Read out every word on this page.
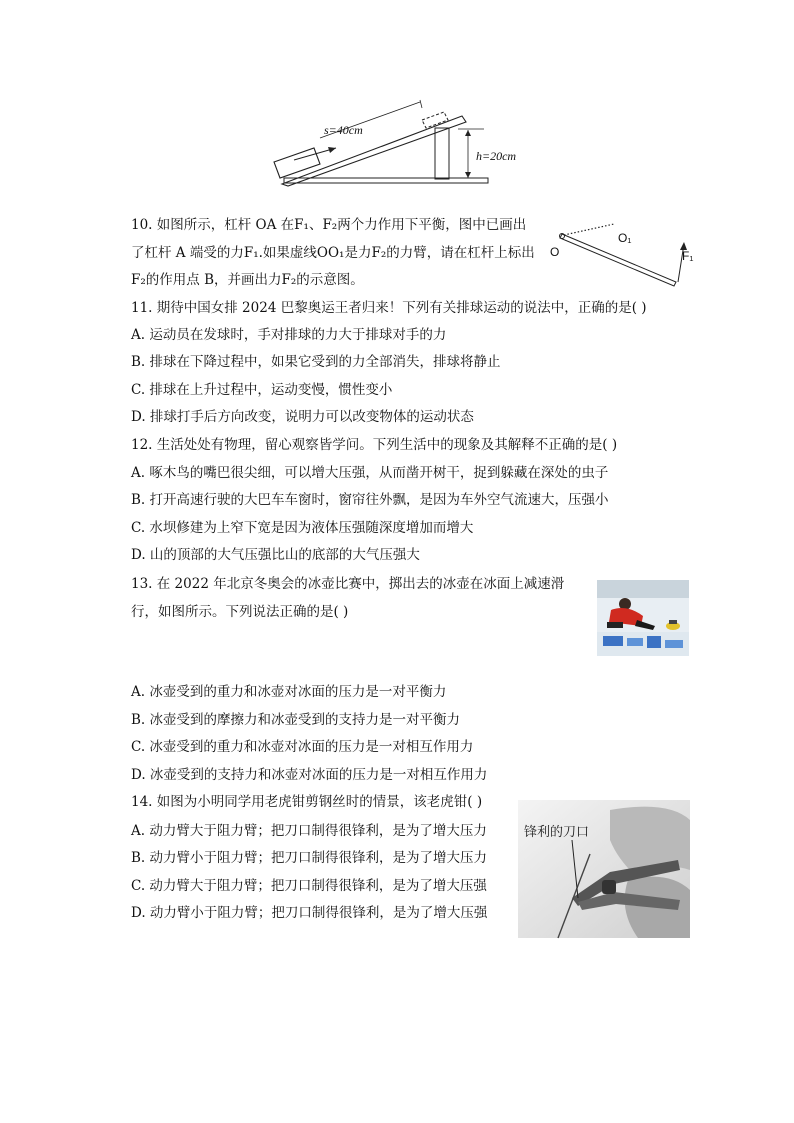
s=40cm
h=20cm
10. 如图所示，杠杆 OA 在F₁、F₂两个力作用下平衡，图中已画出
了杠杆 A 端受的力F₁.如果虚线OO₁是力F₂的力臂，请在杠杆上标出
F₂的作用点 B，并画出力F₂的示意图。
O
O₁
F₁
11. 期待中国女排 2024 巴黎奥运王者归来！下列有关排球运动的说法中，正确的是( )
A. 运动员在发球时，手对排球的力大于排球对手的力
B. 排球在下降过程中，如果它受到的力全部消失，排球将静止
C. 排球在上升过程中，运动变慢，惯性变小
D. 排球打手后方向改变，说明力可以改变物体的运动状态
12. 生活处处有物理，留心观察皆学问。下列生活中的现象及其解释不正确的是( )
A. 啄木鸟的嘴巴很尖细，可以增大压强，从而凿开树干，捉到躲藏在深处的虫子
B. 打开高速行驶的大巴车车窗时，窗帘往外飘，是因为车外空气流速大，压强小
C. 水坝修建为上窄下宽是因为液体压强随深度增加而增大
D. 山的顶部的大气压强比山的底部的大气压强大
13. 在 2022 年北京冬奥会的冰壶比赛中，掷出去的冰壶在冰面上减速滑
行，如图所示。下列说法正确的是( )
A. 冰壶受到的重力和冰壶对冰面的压力是一对平衡力
B. 冰壶受到的摩擦力和冰壶受到的支持力是一对平衡力
C. 冰壶受到的重力和冰壶对冰面的压力是一对相互作用力
D. 冰壶受到的支持力和冰壶对冰面的压力是一对相互作用力
14. 如图为小明同学用老虎钳剪钢丝时的情景，该老虎钳( )
A. 动力臂大于阻力臂；把刀口制得很锋利，是为了增大压力
B. 动力臂小于阻力臂；把刀口制得很锋利，是为了增大压力
C. 动力臂大于阻力臂；把刀口制得很锋利，是为了增大压强
D. 动力臂小于阻力臂；把刀口制得很锋利，是为了增大压强
锋利的刀口
